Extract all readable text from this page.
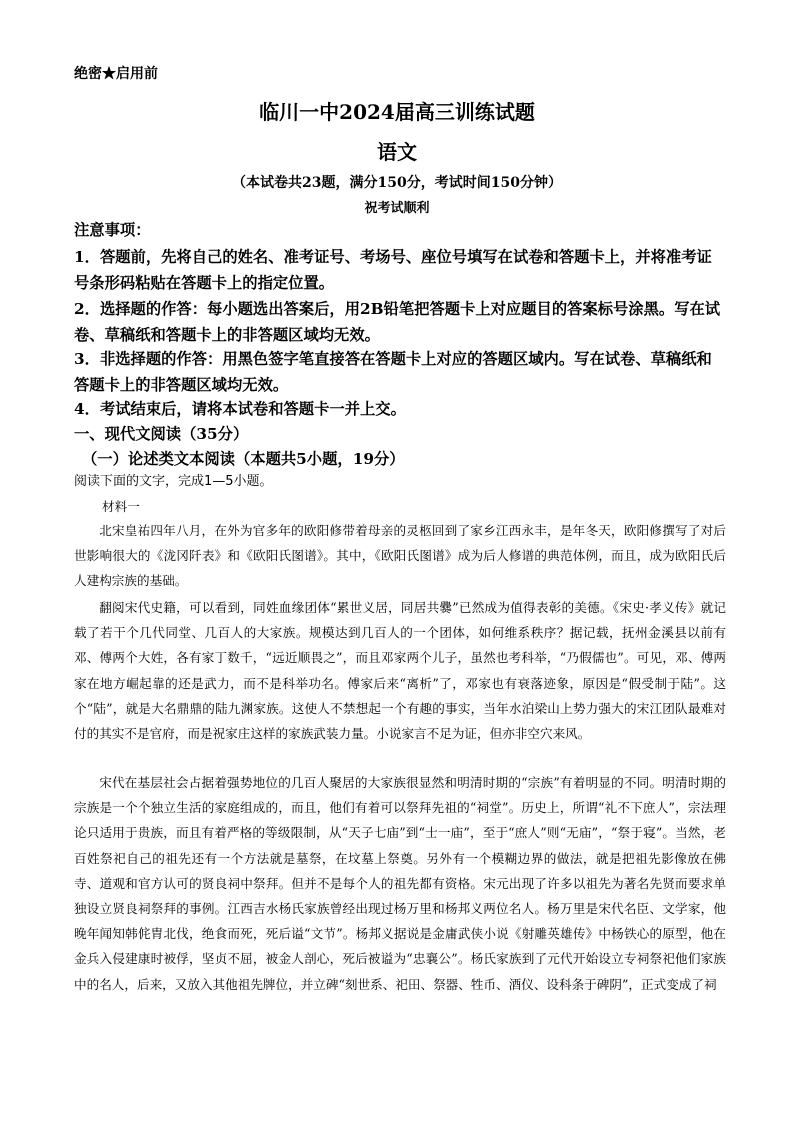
绝密★启用前
临川一中2024届高三训练试题
语文
（本试卷共23题，满分150分，考试时间150分钟）
祝考试顺利
注意事项：
1．答题前，先将自己的姓名、准考证号、考场号、座位号填写在试卷和答题卡上，并将准考证号条形码粘贴在答题卡上的指定位置。
2．选择题的作答：每小题选出答案后，用2B铅笔把答题卡上对应题目的答案标号涂黑。写在试卷、草稿纸和答题卡上的非答题区域均无效。
3．非选择题的作答：用黑色签字笔直接答在答题卡上对应的答题区域内。写在试卷、草稿纸和答题卡上的非答题区域均无效。
4．考试结束后，请将本试卷和答题卡一并上交。
一、现代文阅读（35分）
（一）论述类文本阅读（本题共5小题，19分）
阅读下面的文字，完成1—5小题。
材料一
北宋皇祐四年八月，在外为官多年的欧阳修带着母亲的灵柩回到了家乡江西永丰，是年冬天，欧阳修撰写了对后世影响很大的《泷冈阡表》和《欧阳氏图谱》。其中，《欧阳氏图谱》成为后人修谱的典范体例，而且，成为欧阳氏后人建构宗族的基础。
翻阅宋代史籍，可以看到，同姓血缘团体“累世义居，同居共爨”已然成为值得表彰的美德。《宋史·孝义传》就记载了若干个几代同堂、几百人的大家族。规模达到几百人的一个团体，如何维系秩序？据记载，抚州金溪县以前有邓、傅两个大姓，各有家丁数千，“远近顺畏之”，而且邓家两个儿子，虽然也考科举，“乃假儒也”。可见，邓、傅两家在地方崛起靠的还是武力，而不是科举功名。傅家后来“离析”了，邓家也有衰落迹象，原因是“假受制于陆”。这个“陆”，就是大名鼎鼎的陆九渊家族。这使人不禁想起一个有趣的事实，当年水泊梁山上势力强大的宋江团队最难对付的其实不是官府，而是祝家庄这样的家族武装力量。小说家言不足为证，但亦非空穴来风。
宋代在基层社会占据着强势地位的几百人聚居的大家族很显然和明清时期的“宗族”有着明显的不同。明清时期的宗族是一个个独立生活的家庭组成的，而且，他们有着可以祭拜先祖的“祠堂”。历史上，所谓“礼不下庶人”，宗法理论只适用于贵族，而且有着严格的等级限制，从“天子七庙”到“士一庙”，至于“庶人”则“无庙”，“祭于寝”。当然，老百姓祭祀自己的祖先还有一个方法就是墓祭，在坟墓上祭奠。另外有一个模糊边界的做法，就是把祖先影像放在佛寺、道观和官方认可的贤良祠中祭拜。但并不是每个人的祖先都有资格。宋元出现了许多以祖先为著名先贤而要求单独设立贤良祠祭拜的事例。江西吉水杨氏家族曾经出现过杨万里和杨邦义两位名人。杨万里是宋代名臣、文学家，他晚年闻知韩侂胄北伐，绝食而死，死后谥“文节”。杨邦义据说是金庸武侠小说《射雕英雄传》中杨铁心的原型，他在金兵入侵建康时被俘，坚贞不屈，被金人剖心，死后被谥为“忠襄公”。杨氏家族到了元代开始设立专祠祭祀他们家族中的名人，后来，又放入其他祖先牌位，并立碑“刻世系、祀田、祭器、牲币、酒仪、设科条于碑阴”，正式变成了祠
